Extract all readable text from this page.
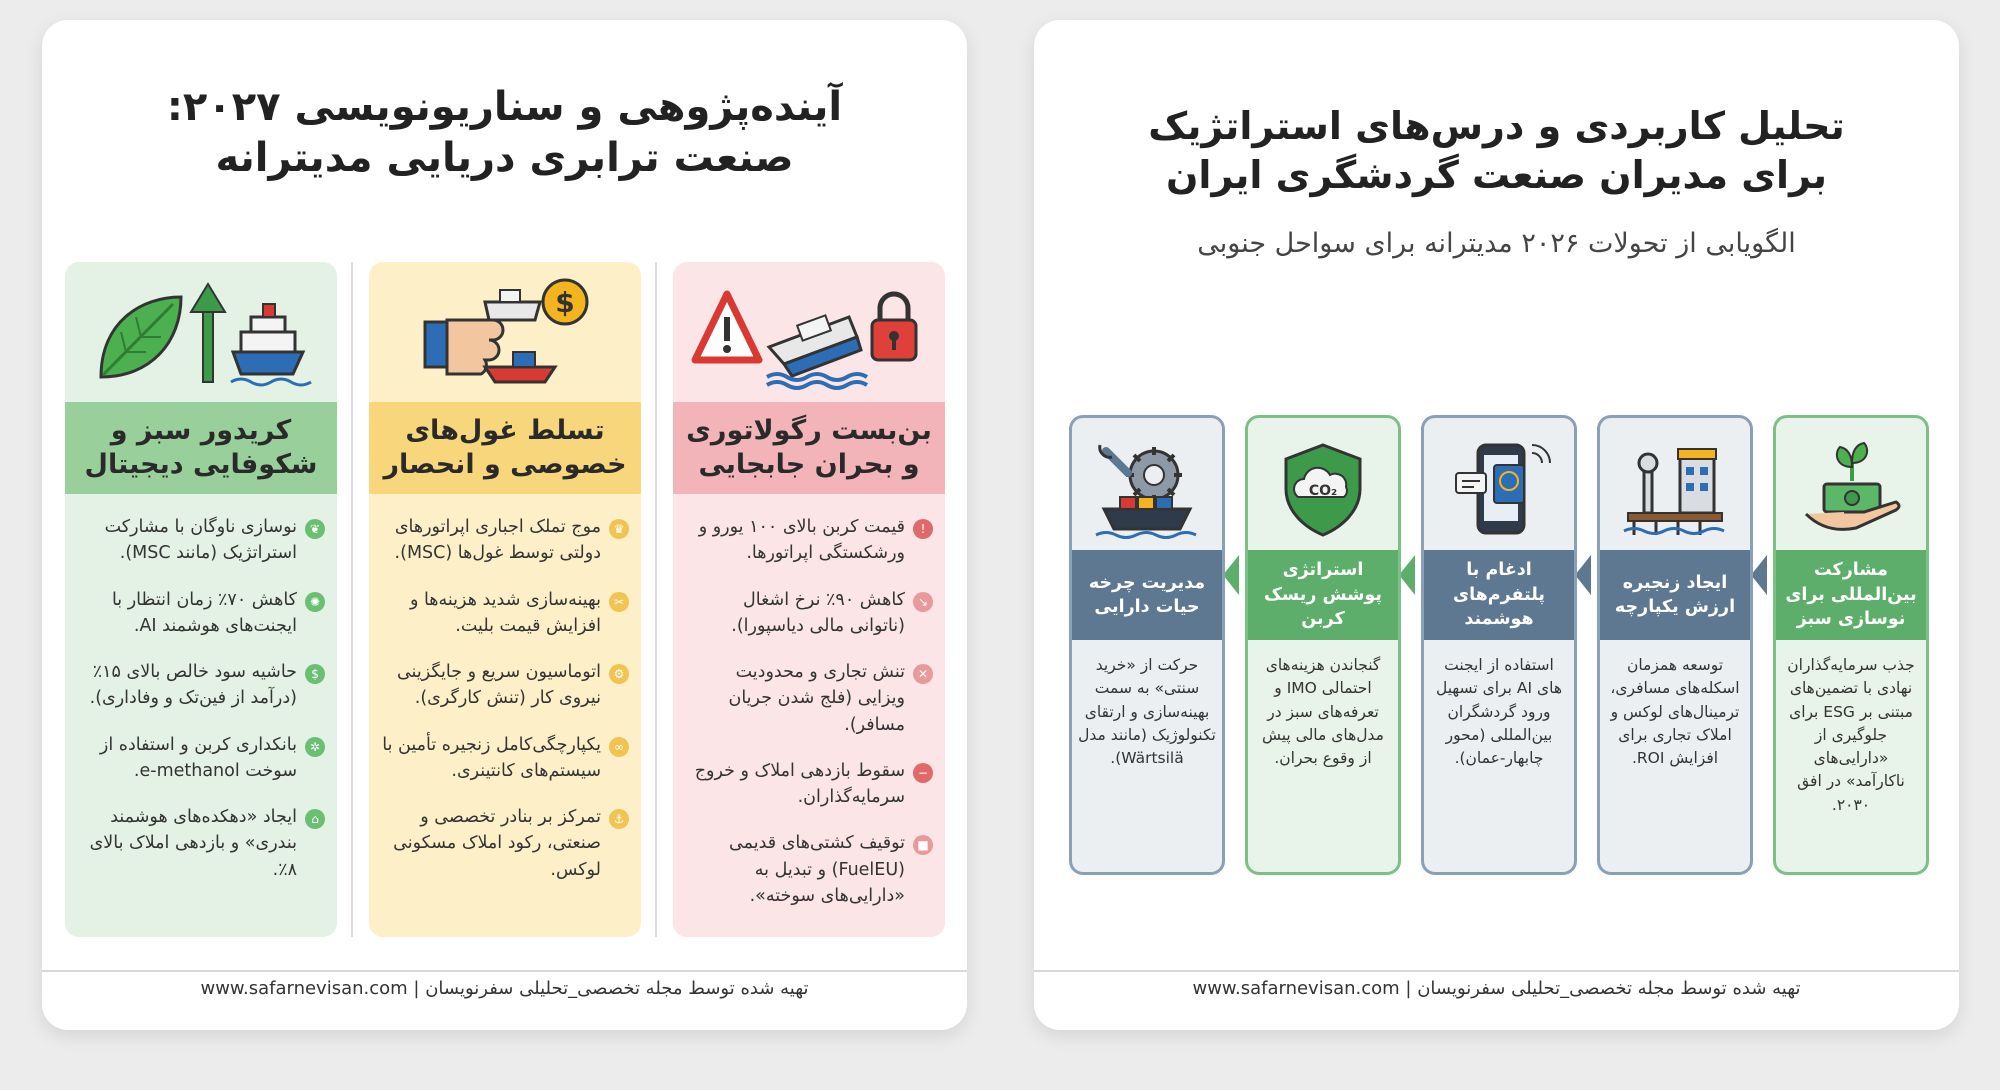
آینده‌پژوهی و سناریونویسی ۲۰۲۷:
صنعت ترابری دریایی مدیترانه
بن‌بست رگولاتوری
و بحران جابجایی
!
قیمت کربن بالای ۱۰۰ یورو و ورشکستگی اپراتورها.
↘
کاهش ۹۰٪ نرخ اشغال (ناتوانی مالی دیاسپورا).
✕
تنش تجاری و محدودیت ویزایی (فلج شدن جریان مسافر).
−
سقوط بازدهی املاک و خروج سرمایه‌گذاران.
■
توقیف کشتی‌های قدیمی (FuelEU) و تبدیل به «دارایی‌های سوخته».
$
تسلط غول‌های
خصوصی و انحصار
♛
موج تملک اجباری اپراتورهای دولتی توسط غول‌ها (MSC).
✂
بهینه‌سازی شدید هزینه‌ها و افزایش قیمت بلیت.
⚙
اتوماسیون سریع و جایگزینی نیروی کار (تنش کارگری).
∞
یکپارچگی‌کامل زنجیره تأمین با سیستم‌های کانتینری.
⚓
تمرکز بر بنادر تخصصی و صنعتی، رکود املاک مسکونی لوکس.
کریدور سبز و
شکوفایی دیجیتال
❦
نوسازی ناوگان با مشارکت استراتژیک (مانند MSC).
✺
کاهش ۷۰٪ زمان انتظار با ایجنت‌های هوشمند AI.
$
حاشیه سود خالص بالای ۱۵٪ (درآمد از فین‌تک و وفاداری).
✲
بانکداری کربن و استفاده از سوخت e-methanol.
⌂
ایجاد «دهکده‌های هوشمند بندری» و بازدهی املاک بالای ۸٪.
تهیه شده توسط مجله تخصصی_تحلیلی سفرنویسان | www.safarnevisan.com
تحلیل کاربردی و درس‌های استراتژیک
برای مدیران صنعت گردشگری ایران
الگویابی از تحولات ۲۰۲۶ مدیترانه برای سواحل جنوبی
مشارکت بین‌المللی برای نوسازی سبز
جذب سرمایه‌گذاران نهادی با تضمین‌های مبتنی بر ESG برای جلوگیری از «دارایی‌های ناکارآمد» در افق ۲۰۳۰.
ایجاد زنجیره ارزش یکپارچه
توسعه همزمان اسکله‌های مسافری، ترمینال‌های لوکس و املاک تجاری برای افزایش ROI.
ادغام با پلتفرم‌های هوشمند
استفاده از ایجنت‌ های AI برای تسهیل ورود گردشگران بین‌المللی (محور چابهار-عمان).
CO₂
استراتژی پوشش ریسک کربن
گنجاندن هزینه‌های احتمالی IMO و تعرفه‌های سبز در مدل‌های مالی پیش از وقوع بحران.
مدیریت چرخه حیات دارایی
حرکت از «خرید سنتی» به سمت بهینه‌سازی و ارتقای تکنولوژیک (مانند مدل Wärtsilä).
تهیه شده توسط مجله تخصصی_تحلیلی سفرنویسان | www.safarnevisan.com
